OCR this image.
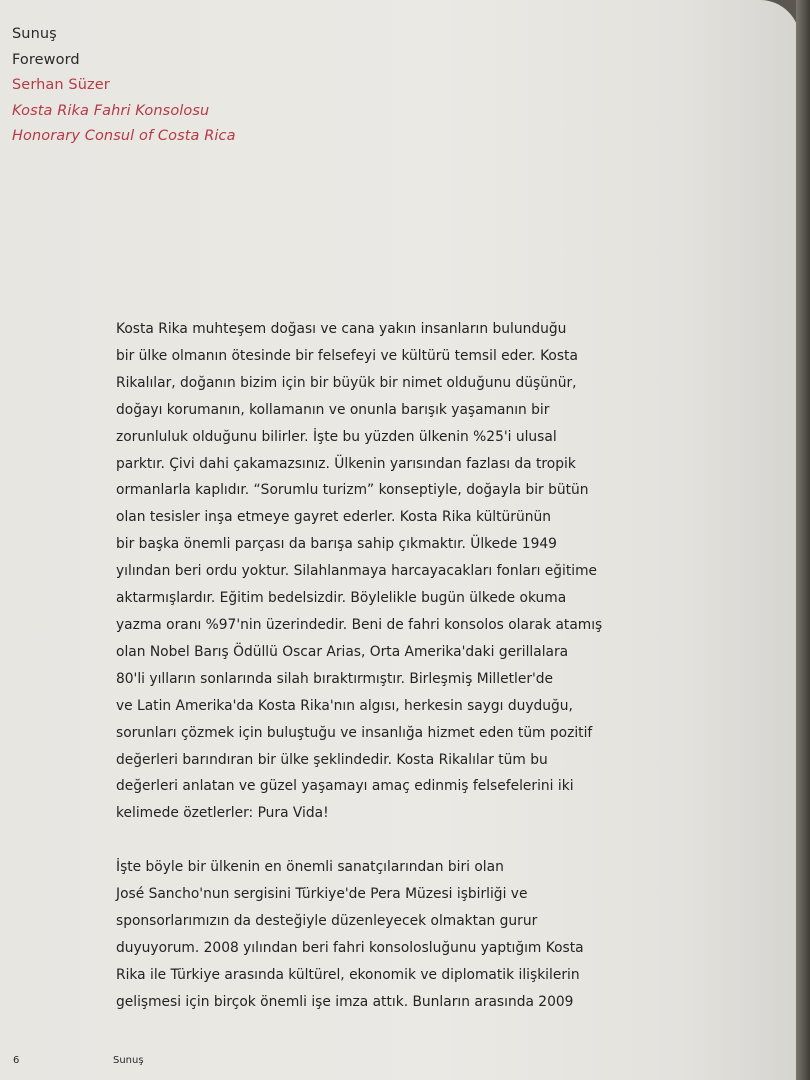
Sunuş
Foreword
Serhan Süzer
Kosta Rika Fahri Konsolosu
Honorary Consul of Costa Rica

Kosta Rika muhteşem doğası ve cana yakın insanların bulunduğu
bir ülke olmanın ötesinde bir felsefeyi ve kültürü temsil eder. Kosta
Rikalılar, doğanın bizim için bir büyük bir nimet olduğunu düşünür,
doğayı korumanın, kollamanın ve onunla barışık yaşamanın bir
zorunluluk olduğunu bilirler. İşte bu yüzden ülkenin %25'i ulusal
parktır. Çivi dahi çakamazsınız. Ülkenin yarısından fazlası da tropik
ormanlarla kaplıdır. “Sorumlu turizm” konseptiyle, doğayla bir bütün
olan tesisler inşa etmeye gayret ederler. Kosta Rika kültürünün
bir başka önemli parçası da barışa sahip çıkmaktır. Ülkede 1949
yılından beri ordu yoktur. Silahlanmaya harcayacakları fonları eğitime
aktarmışlardır. Eğitim bedelsizdir. Böylelikle bugün ülkede okuma
yazma oranı %97'nin üzerindedir. Beni de fahri konsolos olarak atamış
olan Nobel Barış Ödüllü Oscar Arias, Orta Amerika'daki gerillalara
80'li yılların sonlarında silah bıraktırmıştır. Birleşmiş Milletler'de
ve Latin Amerika'da Kosta Rika'nın algısı, herkesin saygı duyduğu,
sorunları çözmek için buluştuğu ve insanlığa hizmet eden tüm pozitif
değerleri barındıran bir ülke şeklindedir. Kosta Rikalılar tüm bu
değerleri anlatan ve güzel yaşamayı amaç edinmiş felsefelerini iki
kelimede özetlerler: Pura Vida!

İşte böyle bir ülkenin en önemli sanatçılarından biri olan
José Sancho'nun sergisini Türkiye'de Pera Müzesi işbirliği ve
sponsorlarımızın da desteğiyle düzenleyecek olmaktan gurur
duyuyorum. 2008 yılından beri fahri konsolosluğunu yaptığım Kosta
Rika ile Türkiye arasında kültürel, ekonomik ve diplomatik ilişkilerin
gelişmesi için birçok önemli işe imza attık. Bunların arasında 2009

6	Sunuş
